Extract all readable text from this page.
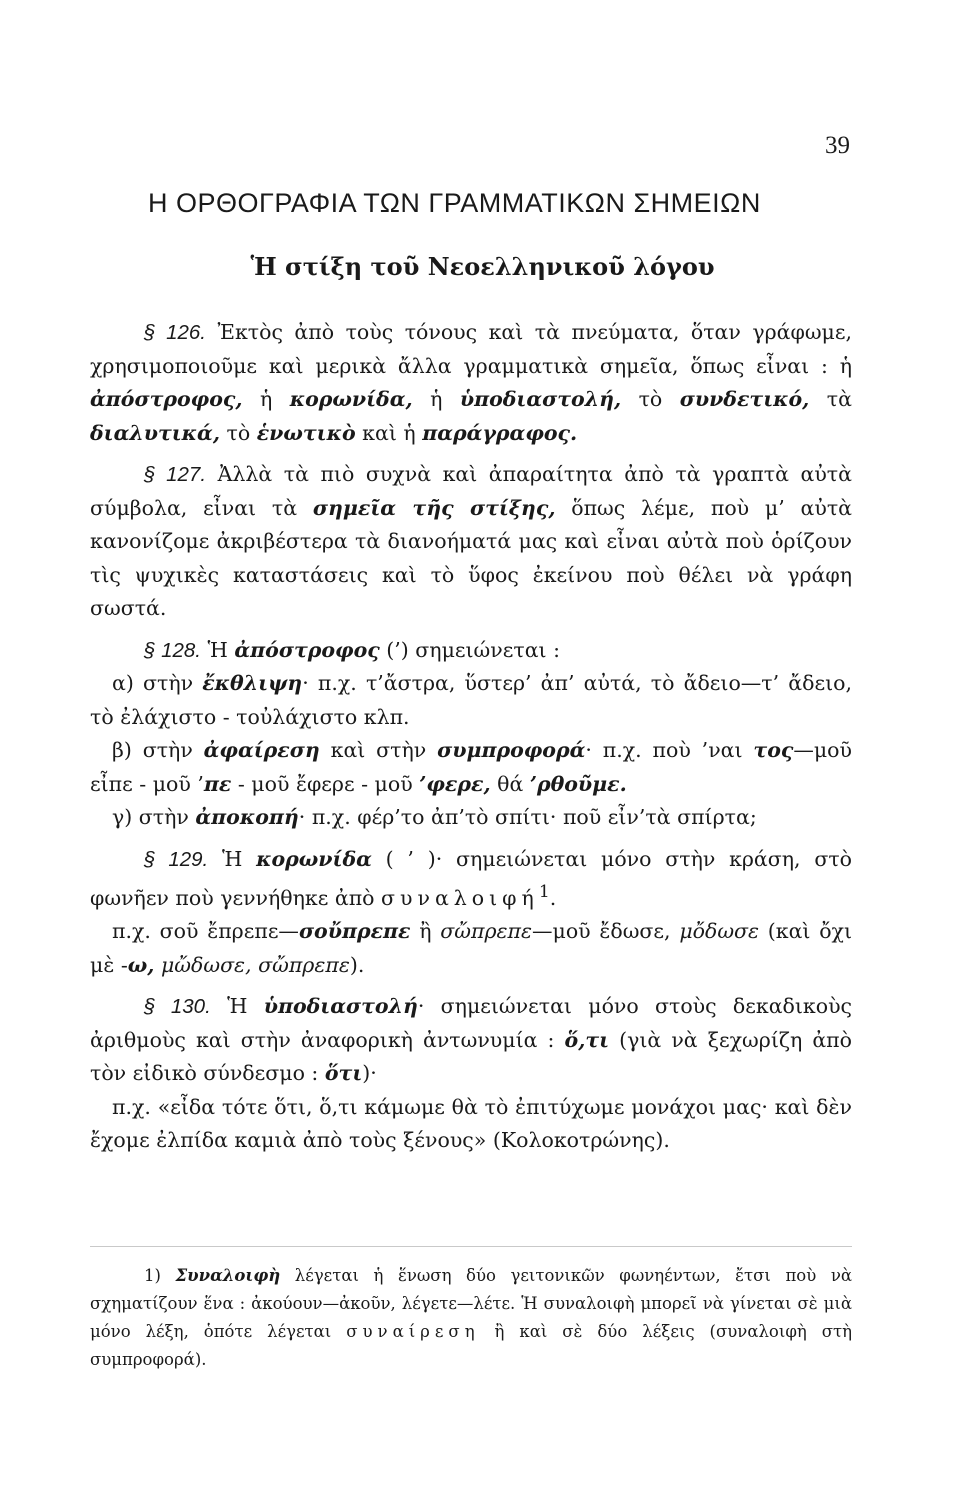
39
Η ΟΡΘΟΓΡΑΦΙΑ ΤΩΝ ΓΡΑΜΜΑΤΙΚΩΝ ΣΗΜΕΙΩΝ
Ἡ στίξη τοῦ Νεοελληνικοῦ λόγου

§ 126. Ἐκτὸς ἀπὸ τοὺς τόνους καὶ τὰ πνεύματα, ὅταν γράφωμε, χρησιμοποιοῦμε καὶ μερικὰ ἄλλα γραμματικὰ σημεῖα, ὅπως εἶναι : ἡ ἀπόστροφος, ἡ κορωνίδα, ἡ ὑποδιαστολή, τὸ συνδετικό, τὰ διαλυτικά, τὸ ἑνωτικὸ καὶ ἡ παράγραφος.

§ 127. Ἀλλὰ τὰ πιὸ συχνὰ καὶ ἀπαραίτητα ἀπὸ τὰ γραπτὰ αὐτὰ σύμβολα, εἶναι τὰ σημεῖα τῆς στίξης, ὅπως λέμε, ποὺ μ’ αὐτὰ κανονίζομε ἀκριβέστερα τὰ διανοήματά μας καὶ εἶναι αὐτὰ ποὺ ὁρίζουν τὶς ψυχικὲς καταστάσεις καὶ τὸ ὕφος ἐκείνου ποὺ θέλει νὰ γράφη σωστά.

§ 128. Ἡ ἀπόστροφος (’) σημειώνεται :

α) στὴν ἔκθλιψη· π.χ. τ’ἄστρα, ὕστερ’ ἀπ’ αὐτά, τὸ ἄδειο—τ’ ἄδειο, τὸ ἐλάχιστο - τοὐλάχιστο κλπ.

β) στὴν ἀφαίρεση καὶ στὴν συμπροφορά· π.χ. ποὺ ’ναι τος—μοῦ εἶπε - μοῦ ’πε - μοῦ ἔφερε - μοῦ ’φερε, θά ’ρθοῦμε.

γ) στὴν ἀποκοπή· π.χ. φέρ’το ἀπ’τὸ σπίτι· ποῦ εἶν’τὰ σπίρτα;

§ 129. Ἡ κορωνίδα ( ’ )· σημειώνεται μόνο στὴν κράση, στὸ φωνῆεν ποὺ γεννήθηκε ἀπὸ συναλοιφή$^1$.

π.χ. σοῦ ἔπρεπε—σοὔπρεπε ἢ σὤπρεπε—μοῦ ἔδωσε, μὄδωσε (καὶ ὄχι μὲ -ω, μὤδωσε, σὤπρεπε).

§ 130. Ἡ ὑποδιαστολή· σημειώνεται μόνο στοὺς δεκαδικοὺς ἀριθμοὺς καὶ στὴν ἀναφορικὴ ἀντωνυμία : ὅ,τι (γιὰ νὰ ξεχωρίζη ἀπὸ τὸν εἰδικὸ σύνδεσμο : ὅτι)·

π.χ. «εἶδα τότε ὅτι, ὅ,τι κάμωμε θὰ τὸ ἐπιτύχωμε μονάχοι μας· καὶ δὲν ἔχομε ἐλπίδα καμιὰ ἀπὸ τοὺς ξένους» (Κολοκοτρώνης).

1) Συναλοιφὴ λέγεται ἡ ἕνωση δύο γειτονικῶν φωνηέντων, ἔτσι ποὺ νὰ σχηματίζουν ἕνα : ἀκούουν—ἀκοῦν, λέγετε—λέτε. Ἡ συναλοιφὴ μπορεῖ νὰ γίνεται σὲ μιὰ μόνο λέξη, ὁπότε λέγεται συναίρεση ἢ καὶ σὲ δύο λέξεις (συναλοιφὴ στὴ συμπροφορά).
